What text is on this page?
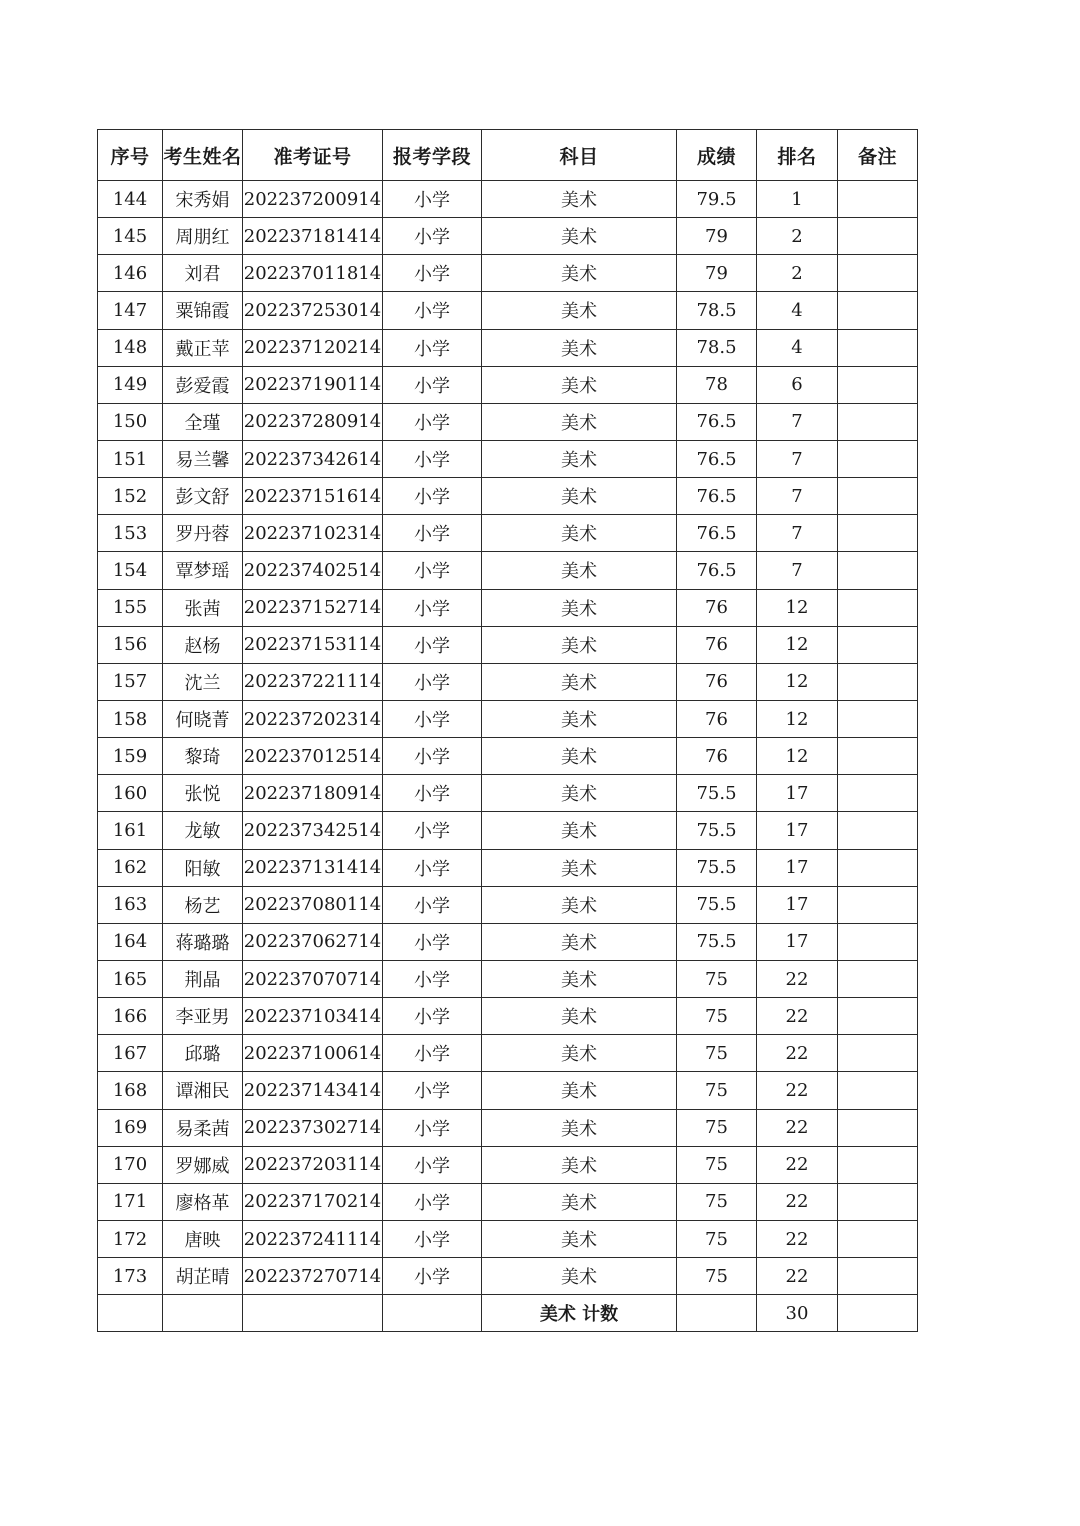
序号	考生姓名	准考证号	报考学段	科目	成绩	排名	备注
144	宋秀娟	202237200914	小学	美术	79.5	1	
145	周朋红	202237181414	小学	美术	79	2	
146	刘君	202237011814	小学	美术	79	2	
147	粟锦霞	202237253014	小学	美术	78.5	4	
148	戴正苹	202237120214	小学	美术	78.5	4	
149	彭爱霞	202237190114	小学	美术	78	6	
150	全瑾	202237280914	小学	美术	76.5	7	
151	易兰馨	202237342614	小学	美术	76.5	7	
152	彭文舒	202237151614	小学	美术	76.5	7	
153	罗丹蓉	202237102314	小学	美术	76.5	7	
154	覃梦瑶	202237402514	小学	美术	76.5	7	
155	张茜	202237152714	小学	美术	76	12	
156	赵杨	202237153114	小学	美术	76	12	
157	沈兰	202237221114	小学	美术	76	12	
158	何晓菁	202237202314	小学	美术	76	12	
159	黎琦	202237012514	小学	美术	76	12	
160	张悦	202237180914	小学	美术	75.5	17	
161	龙敏	202237342514	小学	美术	75.5	17	
162	阳敏	202237131414	小学	美术	75.5	17	
163	杨艺	202237080114	小学	美术	75.5	17	
164	蒋璐璐	202237062714	小学	美术	75.5	17	
165	荆晶	202237070714	小学	美术	75	22	
166	李亚男	202237103414	小学	美术	75	22	
167	邱璐	202237100614	小学	美术	75	22	
168	谭湘民	202237143414	小学	美术	75	22	
169	易柔茜	202237302714	小学	美术	75	22	
170	罗娜威	202237203114	小学	美术	75	22	
171	廖格革	202237170214	小学	美术	75	22	
172	唐映	202237241114	小学	美术	75	22	
173	胡芷晴	202237270714	小学	美术	75	22	
				美术 计数		30	
